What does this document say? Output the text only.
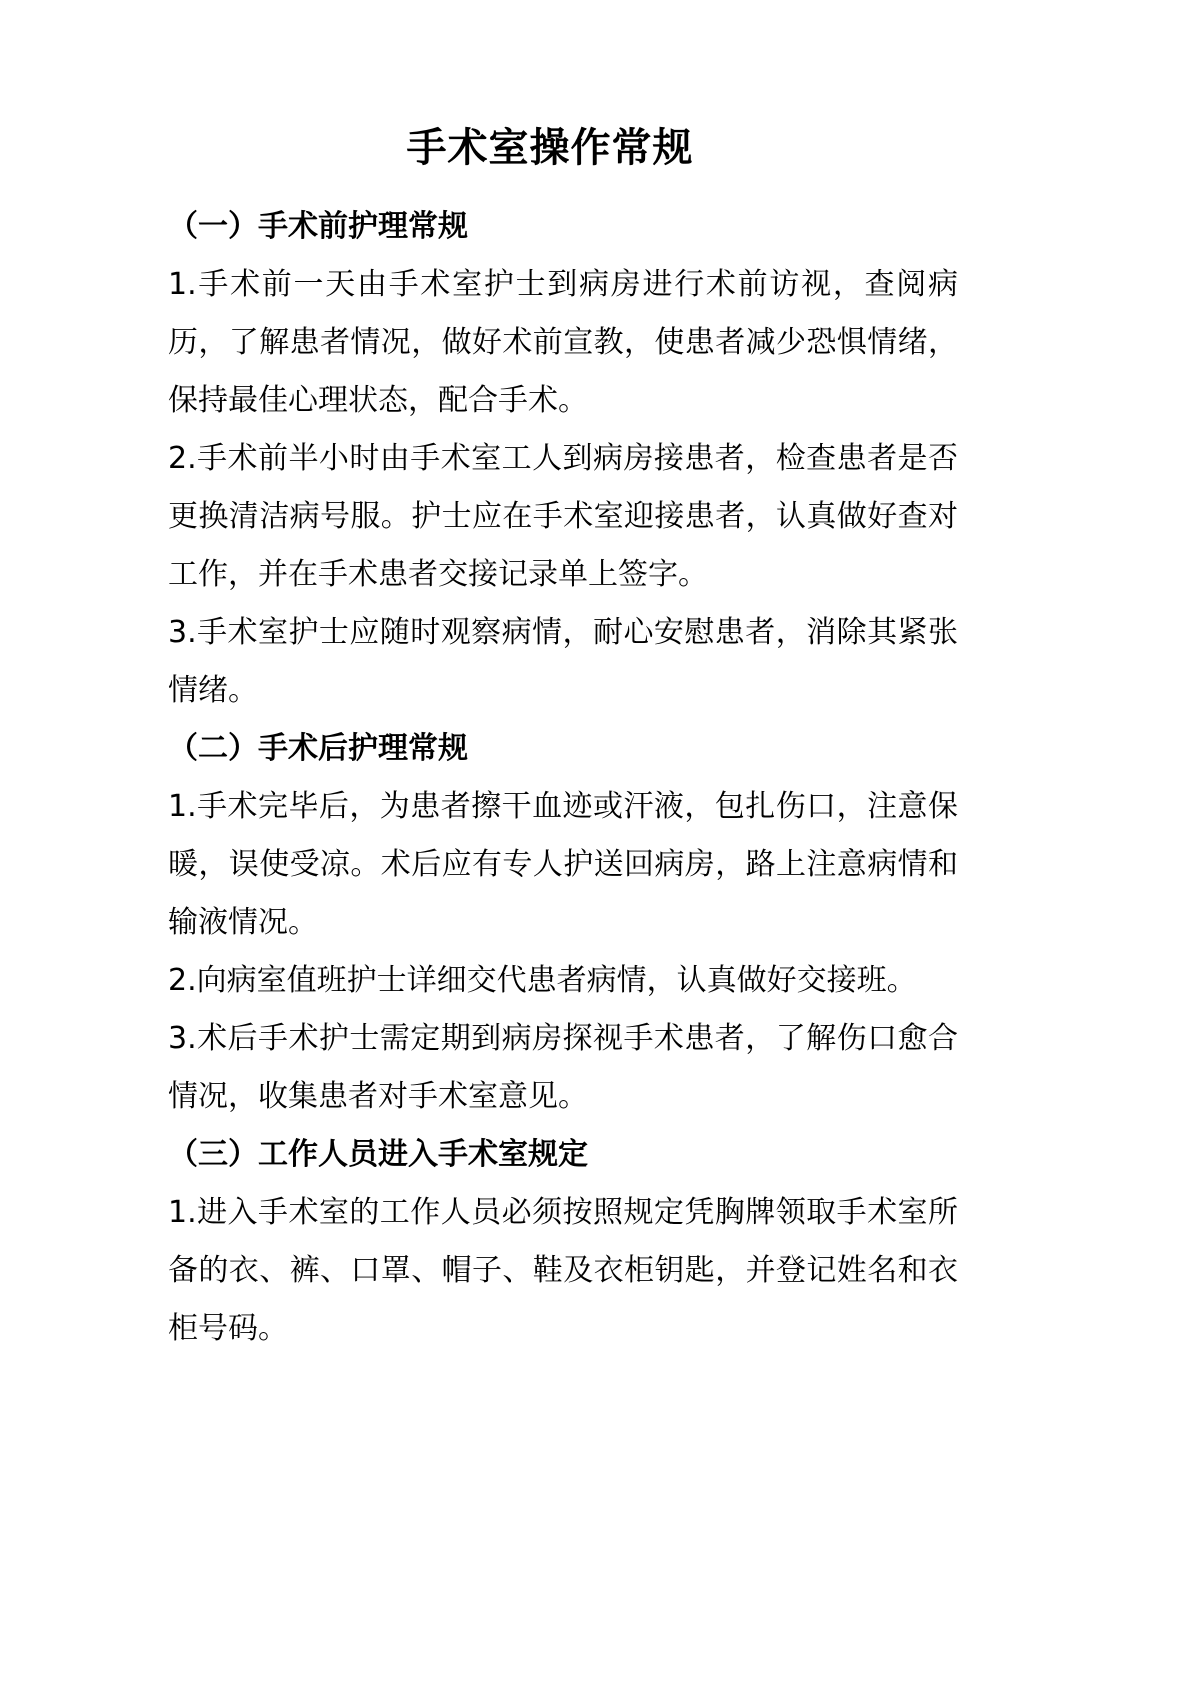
手术室操作常规

（一）手术前护理常规

1.手术前一天由手术室护士到病房进行术前访视，查阅病历，了解患者情况，做好术前宣教，使患者减少恐惧情绪，保持最佳心理状态，配合手术。

2.手术前半小时由手术室工人到病房接患者，检查患者是否更换清洁病号服。护士应在手术室迎接患者，认真做好查对工作，并在手术患者交接记录单上签字。

3.手术室护士应随时观察病情，耐心安慰患者，消除其紧张情绪。

（二）手术后护理常规

1.手术完毕后，为患者擦干血迹或汗液，包扎伤口，注意保暖，误使受凉。术后应有专人护送回病房，路上注意病情和输液情况。

2.向病室值班护士详细交代患者病情，认真做好交接班。

3.术后手术护士需定期到病房探视手术患者，了解伤口愈合情况，收集患者对手术室意见。

（三）工作人员进入手术室规定

1.进入手术室的工作人员必须按照规定凭胸牌领取手术室所备的衣、裤、口罩、帽子、鞋及衣柜钥匙，并登记姓名和衣柜号码。
